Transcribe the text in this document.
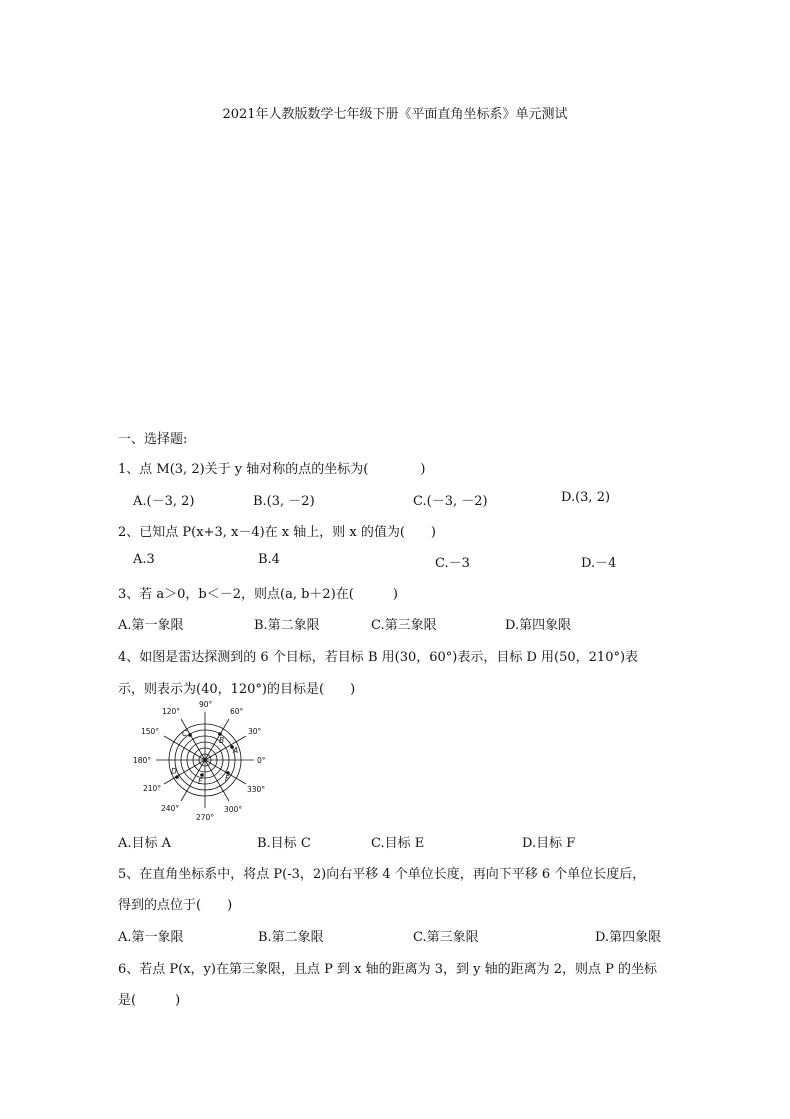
2021年人教版数学七年级下册《平面直角坐标系》单元测试
一、选择题:
1、点 M(3, 2)关于 y 轴对称的点的坐标为(　　　　)
A.(－3, 2)	B.(3, －2)	C.(－3, －2)	D.(3, 2)
2、已知点 P(x+3, x－4)在 x 轴上，则 x 的值为(　　)
A.3	B.4	C.－3	D.－4
3、若 a＞0，b＜－2，则点(a, b＋2)在(　　　)
A.第一象限	B.第二象限	C.第三象限	D.第四象限
4、如图是雷达探测到的 6 个目标，若目标 B 用(30，60°)表示，目标 D 用(50，210°)表
示，则表示为(40，120°)的目标是(　　)
90°
60°
30°
0°
330°
300°
270°
240°
210°
180°
150°
120°
A
B
C
D
E	F
A.目标 A	B.目标 C	C.目标 E	D.目标 F
5、在直角坐标系中，将点 P(-3，2)向右平移 4 个单位长度，再向下平移 6 个单位长度后，
得到的点位于(　　)
A.第一象限	B.第二象限	C.第三象限	D.第四象限
6、若点 P(x，y)在第三象限，且点 P 到 x 轴的距离为 3，到 y 轴的距离为 2，则点 P 的坐标
是(　　　)
